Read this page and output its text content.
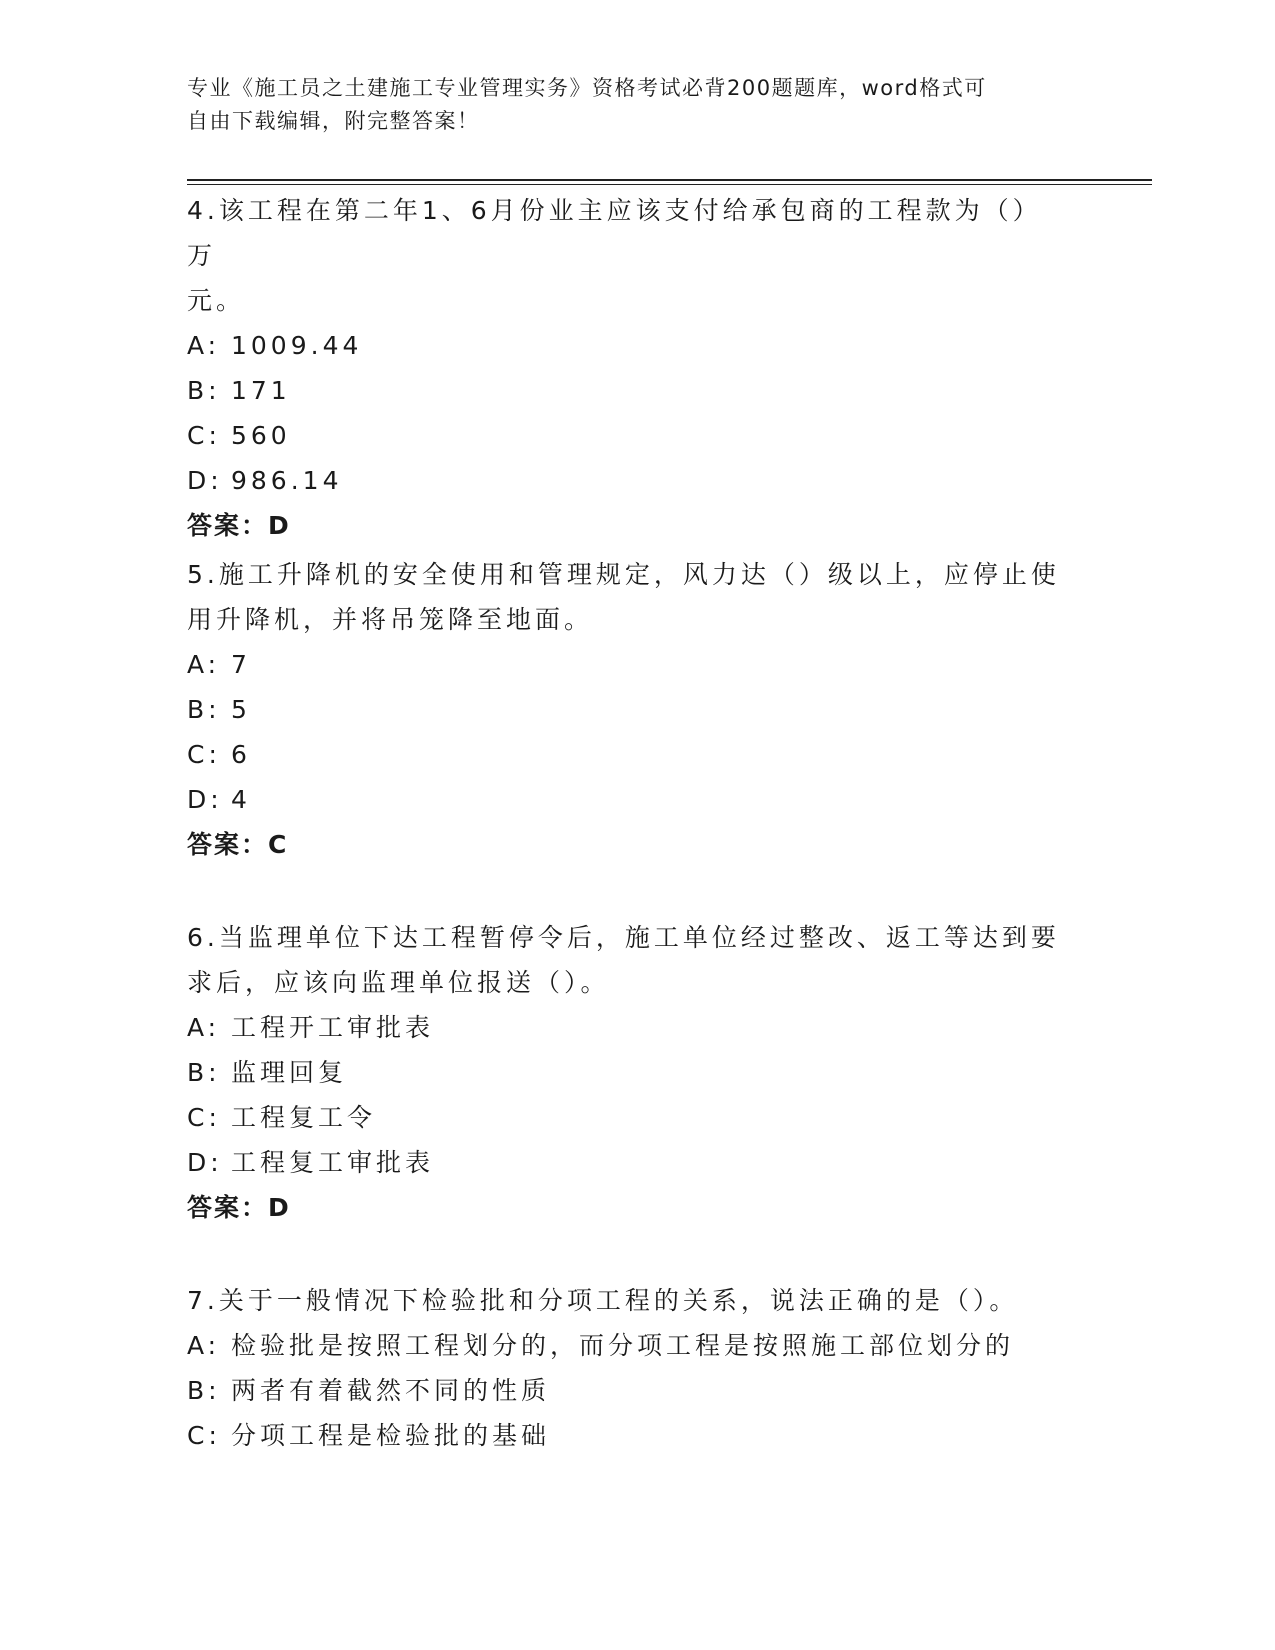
专业《施工员之土建施工专业管理实务》资格考试必背200题题库，word格式可
自由下载编辑，附完整答案！

4.该工程在第二年1、6月份业主应该支付给承包商的工程款为（）万

元。

A: 1009.44

B: 171

C: 560

D: 986.14

答案：D

5.施工升降机的安全使用和管理规定，风力达（）级以上，应停止使

用升降机，并将吊笼降至地面。

A: 7

B: 5

C: 6

D: 4

答案：C

6.当监理单位下达工程暂停令后，施工单位经过整改、返工等达到要

求后，应该向监理单位报送（）。

A: 工程开工审批表

B: 监理回复

C: 工程复工令

D: 工程复工审批表

答案：D

7.关于一般情况下检验批和分项工程的关系，说法正确的是（）。

A: 检验批是按照工程划分的，而分项工程是按照施工部位划分的

B: 两者有着截然不同的性质

C: 分项工程是检验批的基础
